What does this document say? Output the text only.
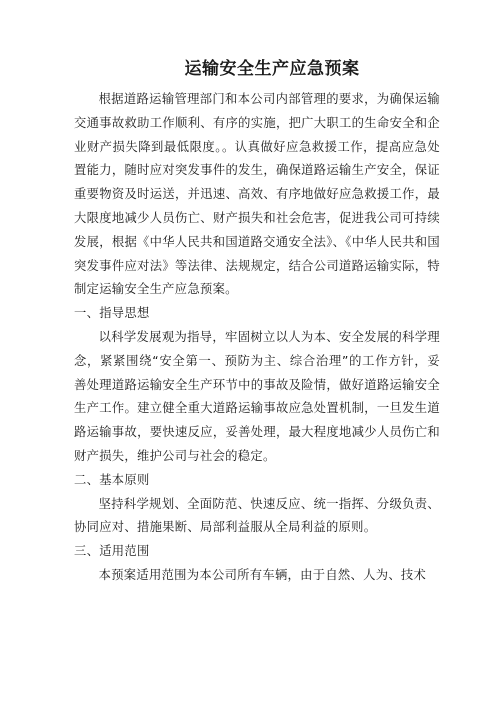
运输安全生产应急预案

根据道路运输管理部门和本公司内部管理的要求，为确保运输交通事故救助工作顺利、有序的实施，把广大职工的生命安全和企业财产损失降到最低限度。。认真做好应急救援工作，提高应急处置能力，随时应对突发事件的发生，确保道路运输生产安全，保证重要物资及时运送，并迅速、高效、有序地做好应急救援工作，最大限度地减少人员伤亡、财产损失和社会危害，促进我公司可持续发展，根据《中华人民共和国道路交通安全法》、《中华人民共和国突发事件应对法》等法律、法规规定，结合公司道路运输实际，特制定运输安全生产应急预案。

一、指导思想

以科学发展观为指导，牢固树立以人为本、安全发展的科学理念，紧紧围绕“安全第一、预防为主、综合治理”的工作方针，妥善处理道路运输安全生产环节中的事故及险情，做好道路运输安全生产工作。建立健全重大道路运输事故应急处置机制，一旦发生道路运输事故，要快速反应，妥善处理，最大程度地减少人员伤亡和财产损失，维护公司与社会的稳定。

二、基本原则

坚持科学规划、全面防范、快速反应、统一指挥、分级负责、协同应对、措施果断、局部利益服从全局利益的原则。

三、适用范围

本预案适用范围为本公司所有车辆，由于自然、人为、技术
